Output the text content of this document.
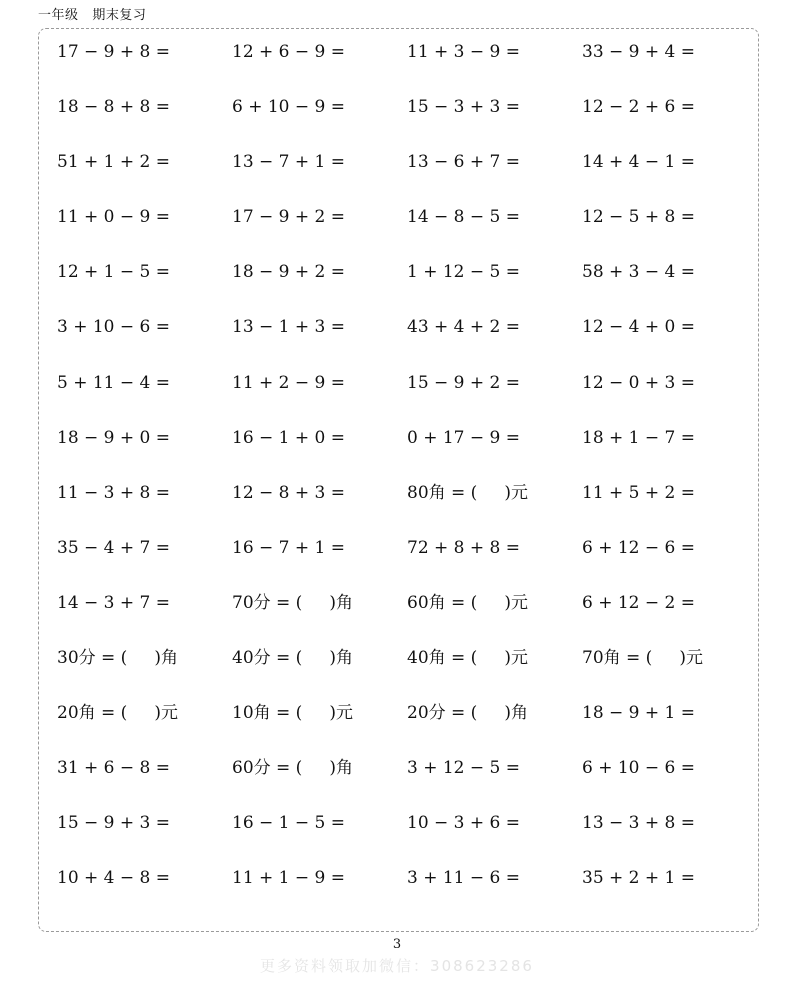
一年级   期末复习
17 − 9 + 8 =	12 + 6 − 9 =	11 + 3 − 9 =	33 − 9 + 4 =
18 − 8 + 8 =	6 + 10 − 9 =	15 − 3 + 3 =	12 − 2 + 6 =
51 + 1 + 2 =	13 − 7 + 1 =	13 − 6 + 7 =	14 + 4 − 1 =
11 + 0 − 9 =	17 − 9 + 2 =	14 − 8 − 5 =	12 − 5 + 8 =
12 + 1 − 5 =	18 − 9 + 2 =	1 + 12 − 5 =	58 + 3 − 4 =
3 + 10 − 6 =	13 − 1 + 3 =	43 + 4 + 2 =	12 − 4 + 0 =
5 + 11 − 4 =	11 + 2 − 9 =	15 − 9 + 2 =	12 − 0 + 3 =
18 − 9 + 0 =	16 − 1 + 0 =	0 + 17 − 9 =	18 + 1 − 7 =
11 − 3 + 8 =	12 − 8 + 3 =	80角 = (     )元	11 + 5 + 2 =
35 − 4 + 7 =	16 − 7 + 1 =	72 + 8 + 8 =	6 + 12 − 6 =
14 − 3 + 7 =	70分 = (     )角	60角 = (     )元	6 + 12 − 2 =
30分 = (     )角	40分 = (     )角	40角 = (     )元	70角 = (     )元
20角 = (     )元	10角 = (     )元	20分 = (     )角	18 − 9 + 1 =
31 + 6 − 8 =	60分 = (     )角	3 + 12 − 5 =	6 + 10 − 6 =
15 − 9 + 3 =	16 − 1 − 5 =	10 − 3 + 6 =	13 − 3 + 8 =
10 + 4 − 8 =	11 + 1 − 9 =	3 + 11 − 6 =	35 + 2 + 1 =
3
更多资料领取加微信：308623286
